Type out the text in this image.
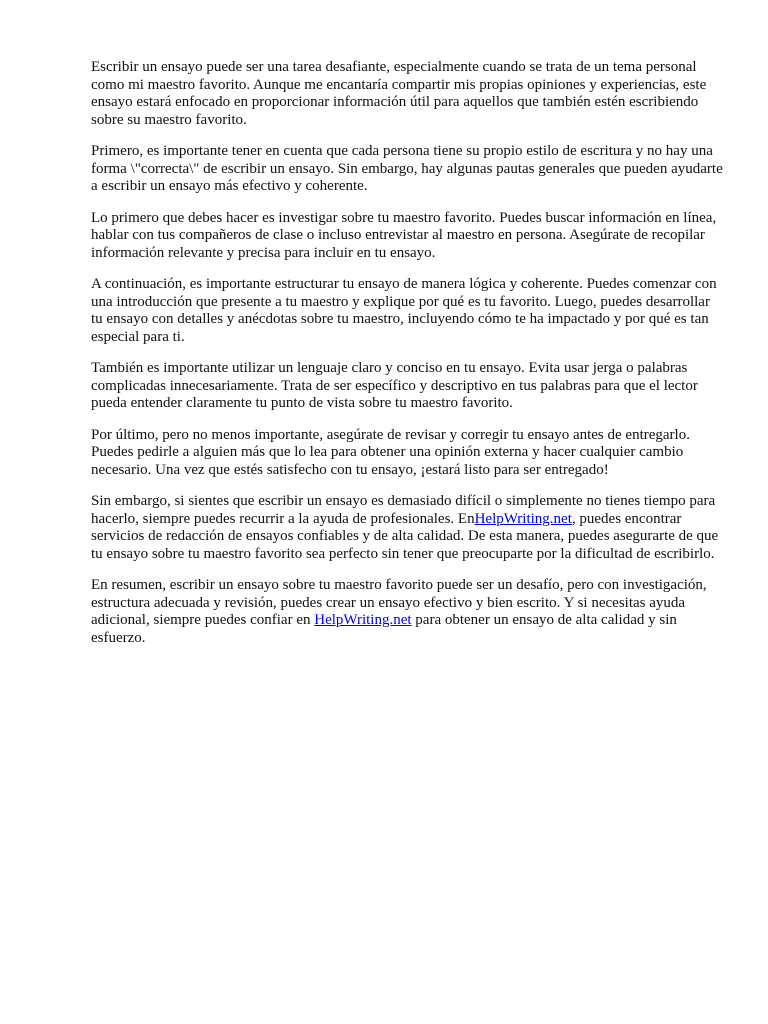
Escribir un ensayo puede ser una tarea desafiante, especialmente cuando se trata de un tema personal como mi maestro favorito. Aunque me encantaría compartir mis propias opiniones y experiencias, este ensayo estará enfocado en proporcionar información útil para aquellos que también estén escribiendo sobre su maestro favorito.

Primero, es importante tener en cuenta que cada persona tiene su propio estilo de escritura y no hay una forma \"correcta\" de escribir un ensayo. Sin embargo, hay algunas pautas generales que pueden ayudarte a escribir un ensayo más efectivo y coherente.

Lo primero que debes hacer es investigar sobre tu maestro favorito. Puedes buscar información en línea, hablar con tus compañeros de clase o incluso entrevistar al maestro en persona. Asegúrate de recopilar información relevante y precisa para incluir en tu ensayo.

A continuación, es importante estructurar tu ensayo de manera lógica y coherente. Puedes comenzar con una introducción que presente a tu maestro y explique por qué es tu favorito. Luego, puedes desarrollar tu ensayo con detalles y anécdotas sobre tu maestro, incluyendo cómo te ha impactado y por qué es tan especial para ti.

También es importante utilizar un lenguaje claro y conciso en tu ensayo. Evita usar jerga o palabras complicadas innecesariamente. Trata de ser específico y descriptivo en tus palabras para que el lector pueda entender claramente tu punto de vista sobre tu maestro favorito.

Por último, pero no menos importante, asegúrate de revisar y corregir tu ensayo antes de entregarlo. Puedes pedirle a alguien más que lo lea para obtener una opinión externa y hacer cualquier cambio necesario. Una vez que estés satisfecho con tu ensayo, ¡estará listo para ser entregado!

Sin embargo, si sientes que escribir un ensayo es demasiado difícil o simplemente no tienes tiempo para hacerlo, siempre puedes recurrir a la ayuda de profesionales. EnHelpWriting.net, puedes encontrar servicios de redacción de ensayos confiables y de alta calidad. De esta manera, puedes asegurarte de que tu ensayo sobre tu maestro favorito sea perfecto sin tener que preocuparte por la dificultad de escribirlo.

En resumen, escribir un ensayo sobre tu maestro favorito puede ser un desafío, pero con investigación, estructura adecuada y revisión, puedes crear un ensayo efectivo y bien escrito. Y si necesitas ayuda adicional, siempre puedes confiar en HelpWriting.net para obtener un ensayo de alta calidad y sin esfuerzo.
